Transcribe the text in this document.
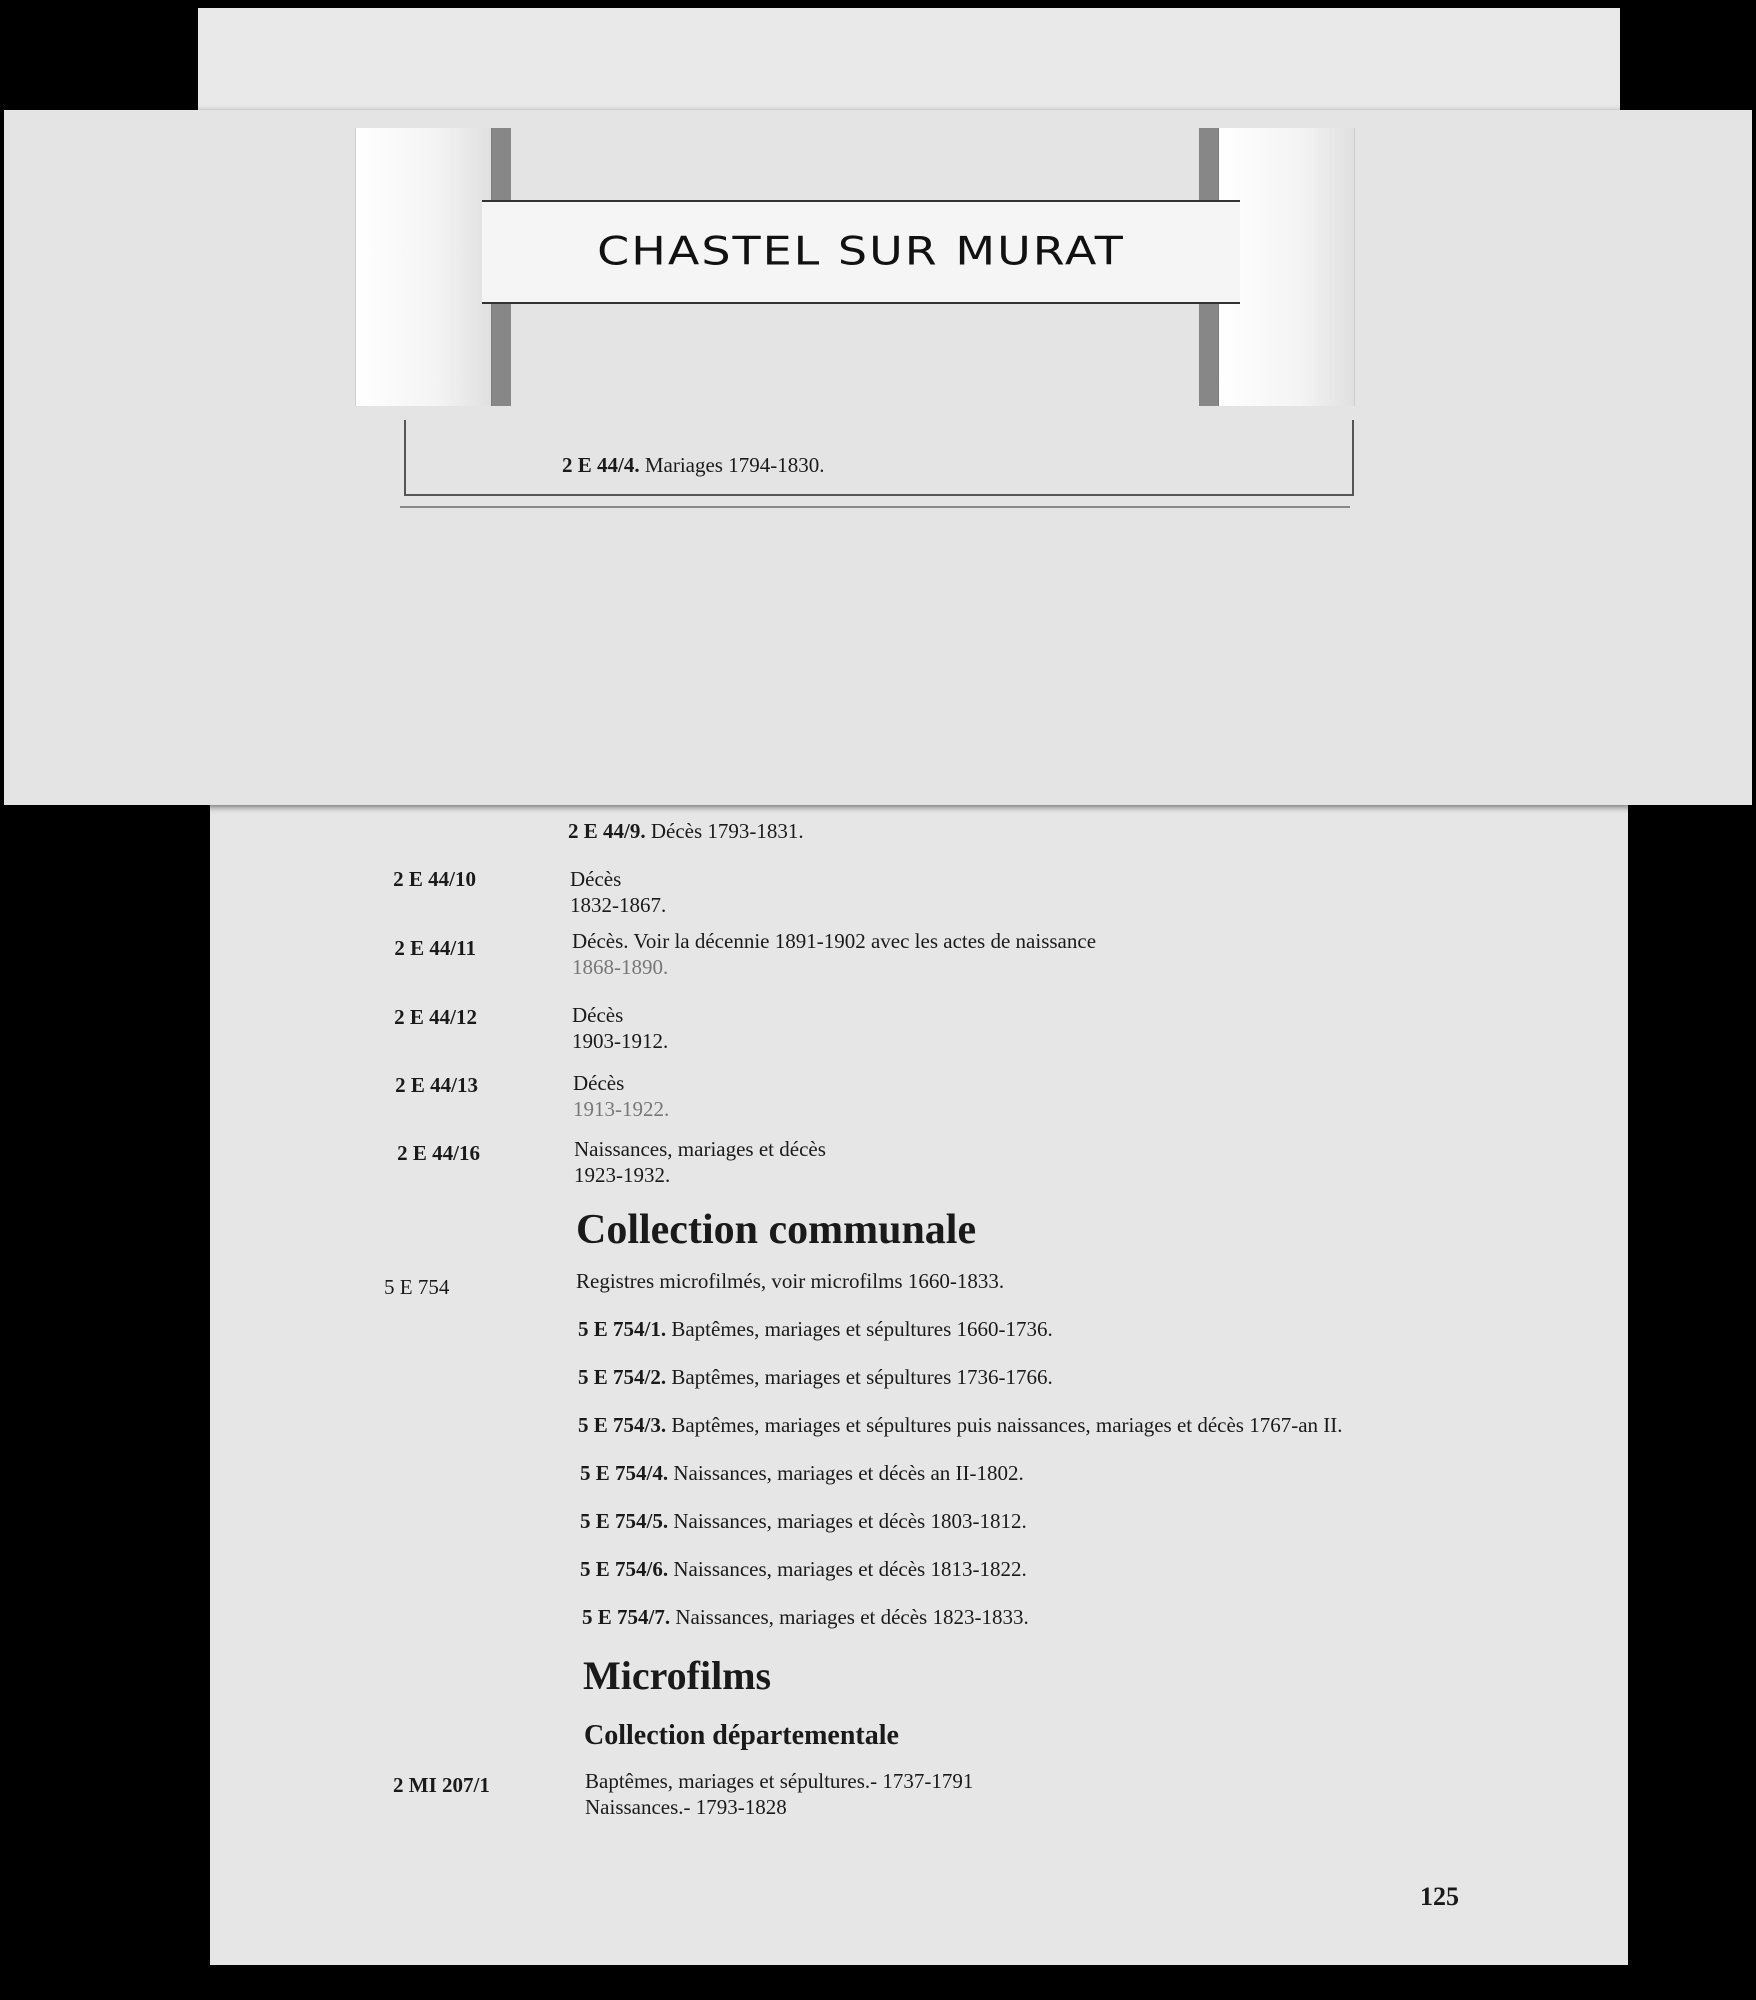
2 E 44/4. Mariages 1794-1830.
CHASTEL SUR MURAT
2 E 44/9. Décès 1793-1831.
2 E 44/10	Décès
1832-1867.
2 E 44/11	Décès. Voir la décennie 1891-1902 avec les actes de naissance
1868-1890.
2 E 44/12	Décès
1903-1912.
2 E 44/13	Décès
1913-1922.
2 E 44/16	Naissances, mariages et décès
1923-1932.
Collection communale
5 E 754	Registres microfilmés, voir microfilms 1660-1833.
5 E 754/1. Baptêmes, mariages et sépultures 1660-1736.
5 E 754/2. Baptêmes, mariages et sépultures 1736-1766.
5 E 754/3. Baptêmes, mariages et sépultures puis naissances, mariages et décès 1767-an II.
5 E 754/4. Naissances, mariages et décès an II-1802.
5 E 754/5. Naissances, mariages et décès 1803-1812.
5 E 754/6. Naissances, mariages et décès 1813-1822.
5 E 754/7. Naissances, mariages et décès 1823-1833.
Microfilms
Collection départementale
2 MI 207/1	Baptêmes, mariages et sépultures.- 1737-1791
Naissances.- 1793-1828
125
